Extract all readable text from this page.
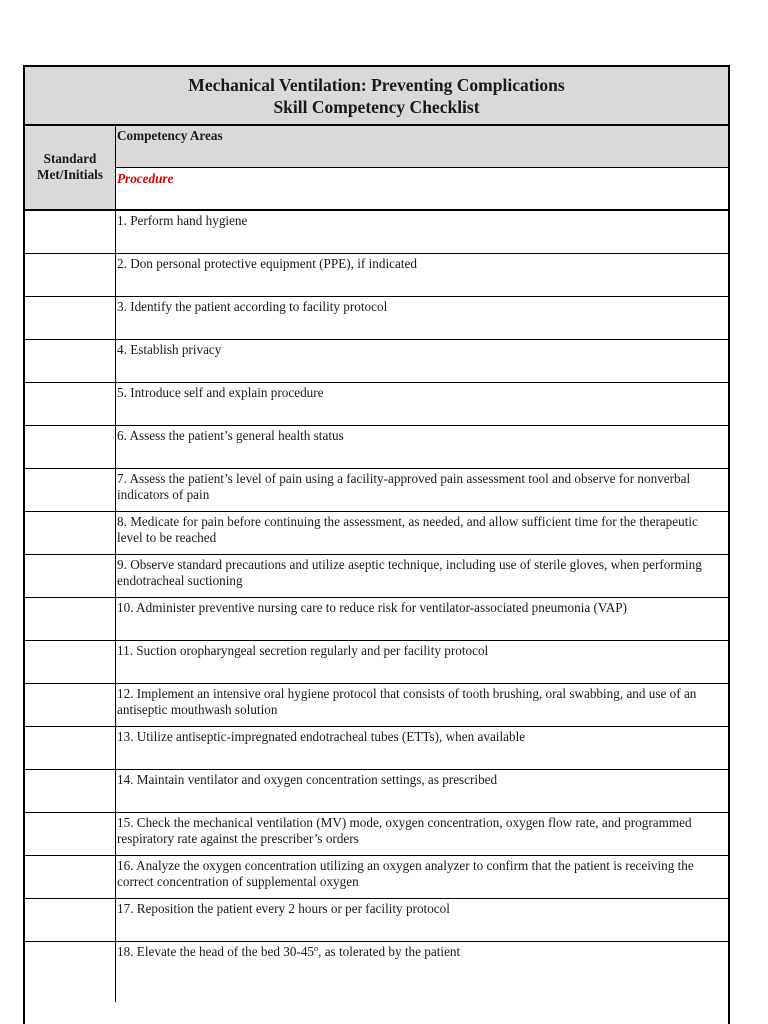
Mechanical Ventilation: Preventing Complications
Skill Competency Checklist
Standard Met/Initials
Competency Areas
Procedure
1. Perform hand hygiene
2. Don personal protective equipment (PPE), if indicated
3. Identify the patient according to facility protocol
4. Establish privacy
5. Introduce self and explain procedure
6. Assess the patient’s general health status
7. Assess the patient’s level of pain using a facility-approved pain assessment tool and observe for nonverbal indicators of pain
8. Medicate for pain before continuing the assessment, as needed, and allow sufficient time for the therapeutic level to be reached
9. Observe standard precautions and utilize aseptic technique, including use of sterile gloves, when performing endotracheal suctioning
10. Administer preventive nursing care to reduce risk for ventilator-associated pneumonia (VAP)
11. Suction oropharyngeal secretion regularly and per facility protocol
12. Implement an intensive oral hygiene protocol that consists of tooth brushing, oral swabbing, and use of an antiseptic mouthwash solution
13. Utilize antiseptic-impregnated endotracheal tubes (ETTs), when available
14. Maintain ventilator and oxygen concentration settings, as prescribed
15. Check the mechanical ventilation (MV) mode, oxygen concentration, oxygen flow rate, and programmed respiratory rate against the prescriber’s orders
16. Analyze the oxygen concentration utilizing an oxygen analyzer to confirm that the patient is receiving the correct concentration of supplemental oxygen
17. Reposition the patient every 2 hours or per facility protocol
18. Elevate the head of the bed 30-45º, as tolerated by the patient
